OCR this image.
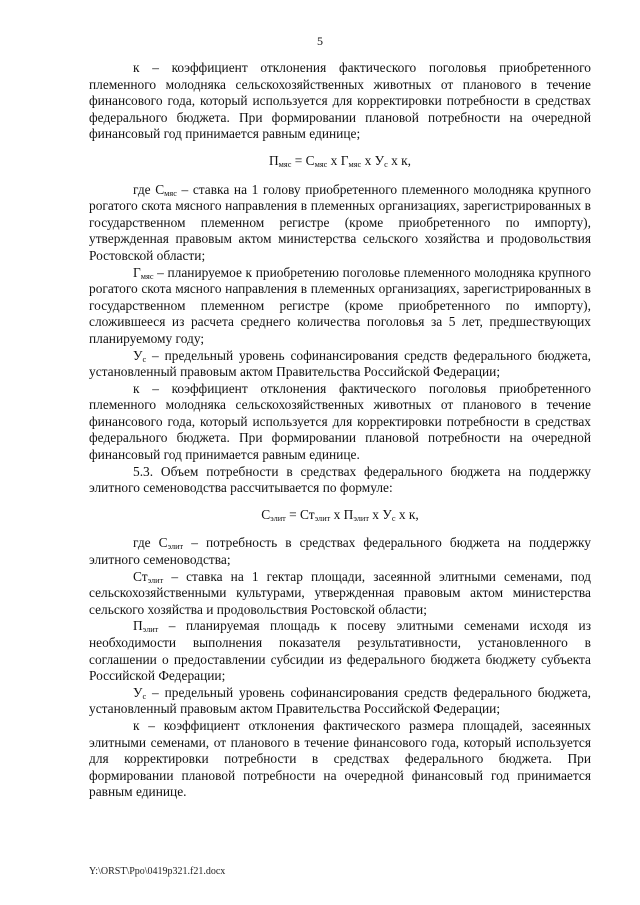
5

к – коэффициент отклонения фактического поголовья приобретенного племенного молодняка сельскохозяйственных животных от планового в течение финансового года, который используется для корректировки потребности в средствах федерального бюджета. При формировании плановой потребности на очередной финансовый год принимается равным единице;

$П_{мяс} = С_{мяс}$ х $Г_{мяс}$ х $У_с$ х к,

где $С_{мяс}$ – ставка на 1 голову приобретенного племенного молодняка крупного рогатого скота мясного направления в племенных организациях, зарегистрированных в государственном племенном регистре (кроме приобретенного по импорту), утвержденная правовым актом министерства сельского хозяйства и продовольствия Ростовской области;

$Г_{мяс}$ – планируемое к приобретению поголовье племенного молодняка крупного рогатого скота мясного направления в племенных организациях, зарегистрированных в государственном племенном регистре (кроме приобретенного по импорту), сложившееся из расчета среднего количества поголовья за 5 лет, предшествующих планируемому году;

$У_с$ – предельный уровень софинансирования средств федерального бюджета, установленный правовым актом Правительства Российской Федерации;

к – коэффициент отклонения фактического поголовья приобретенного племенного молодняка сельскохозяйственных животных от планового в течение финансового года, который используется для корректировки потребности в средствах федерального бюджета. При формировании плановой потребности на очередной финансовый год принимается равным единице.

5.3. Объем потребности в средствах федерального бюджета на поддержку элитного семеноводства рассчитывается по формуле:

$С_{элит} = Ст_{элит}$ х $П_{элит}$ х $У_с$ х к,

где $С_{элит}$ – потребность в средствах федерального бюджета на поддержку элитного семеноводства;

$Ст_{элит}$ – ставка на 1 гектар площади, засеянной элитными семенами, под сельскохозяйственными культурами, утвержденная правовым актом министерства сельского хозяйства и продовольствия Ростовской области;

$П_{элит}$ – планируемая площадь к посеву элитными семенами исходя из необходимости выполнения показателя результативности, установленного в соглашении о предоставлении субсидии из федерального бюджета бюджету субъекта Российской Федерации;

$У_с$ – предельный уровень софинансирования средств федерального бюджета, установленный правовым актом Правительства Российской Федерации;

к – коэффициент отклонения фактического размера площадей, засеянных элитными семенами, от планового в течение финансового года, который используется для корректировки потребности в средствах федерального бюджета. При формировании плановой потребности на очередной финансовый год принимается равным единице.

Y:\ORST\Ppo\0419p321.f21.docx
